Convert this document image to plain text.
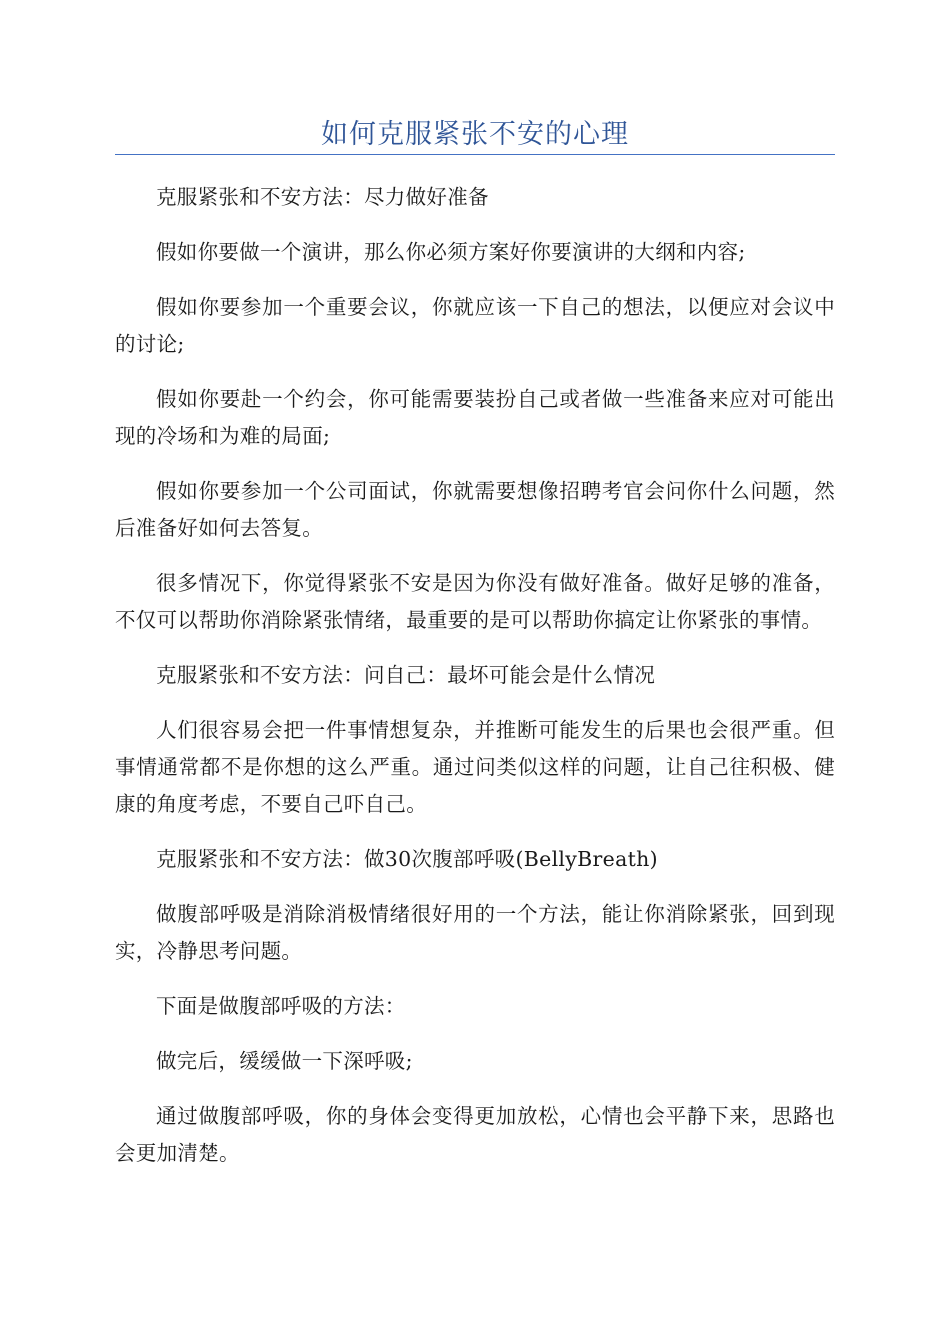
如何克服紧张不安的心理

克服紧张和不安方法：尽力做好准备

假如你要做一个演讲，那么你必须方案好你要演讲的大纲和内容;

假如你要参加一个重要会议，你就应该一下自己的想法，以便应对会议中的讨论;

假如你要赴一个约会，你可能需要装扮自己或者做一些准备来应对可能出现的冷场和为难的局面;

假如你要参加一个公司面试，你就需要想像招聘考官会问你什么问题，然后准备好如何去答复。

很多情况下，你觉得紧张不安是因为你没有做好准备。做好足够的准备，不仅可以帮助你消除紧张情绪，最重要的是可以帮助你搞定让你紧张的事情。

克服紧张和不安方法：问自己：最坏可能会是什么情况

人们很容易会把一件事情想复杂，并推断可能发生的后果也会很严重。但事情通常都不是你想的这么严重。通过问类似这样的问题，让自己往积极、健康的角度考虑，不要自己吓自己。

克服紧张和不安方法：做30次腹部呼吸(BellyBreath)

做腹部呼吸是消除消极情绪很好用的一个方法，能让你消除紧张，回到现实，冷静思考问题。

下面是做腹部呼吸的方法：

做完后，缓缓做一下深呼吸;

通过做腹部呼吸，你的身体会变得更加放松，心情也会平静下来，思路也会更加清楚。
